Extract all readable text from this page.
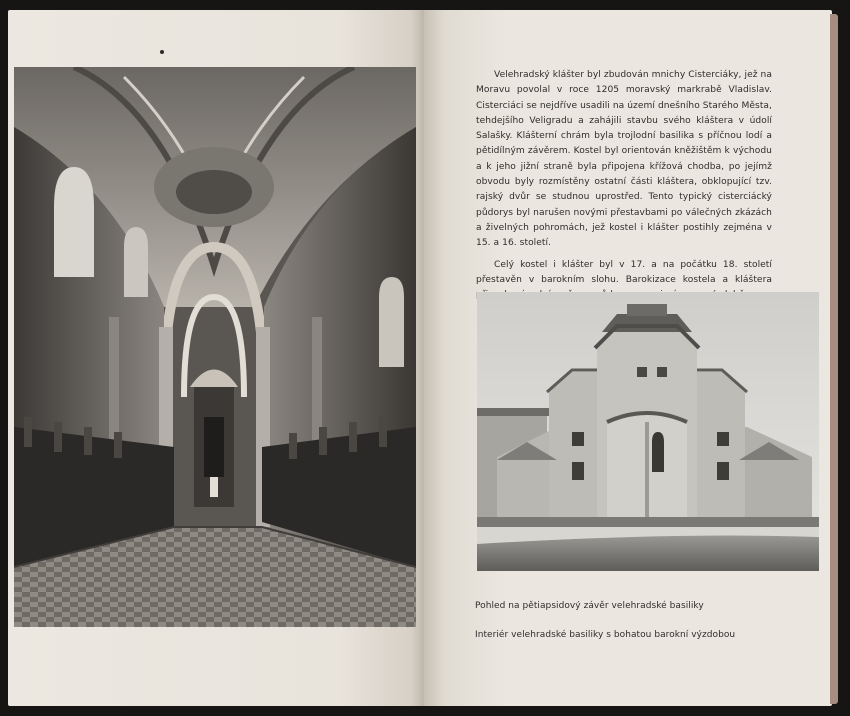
Velehradský klášter byl zbudován mnichy Cisterciáky, jež na Moravu povolal v roce 1205 moravský markrabě Vladislav. Cisterciáci se nejdříve usadili na území dnešního Starého Města, tehdejšího Veligradu a zahájili stavbu svého kláštera v údolí Salašky. Klášterní chrám byla trojlodní basilika s příčnou lodí a pětidílným závěrem. Kostel byl orientován kněžištěm k východu a k jeho jižní straně byla připojena křížová chodba, po jejímž obvodu byly rozmístěny ostatní části kláštera, obklopující tzv. rajský dvůr se studnou uprostřed. Tento typický cisterciácký půdorys byl narušen novými přestavbami po válečných zkázách a živelných pohromách, jež kostel i klášter postihly zejména v 15. a 16. století.

Celý kostel i klášter byl v 17. a na počátku 18. století přestavěn v barokním slohu. Barokizace kostela a kláštera

Pohled na pětiapsidový závěr velehradské basiliky
Interiér velehradské basiliky s bohatou barokní výzdobou
